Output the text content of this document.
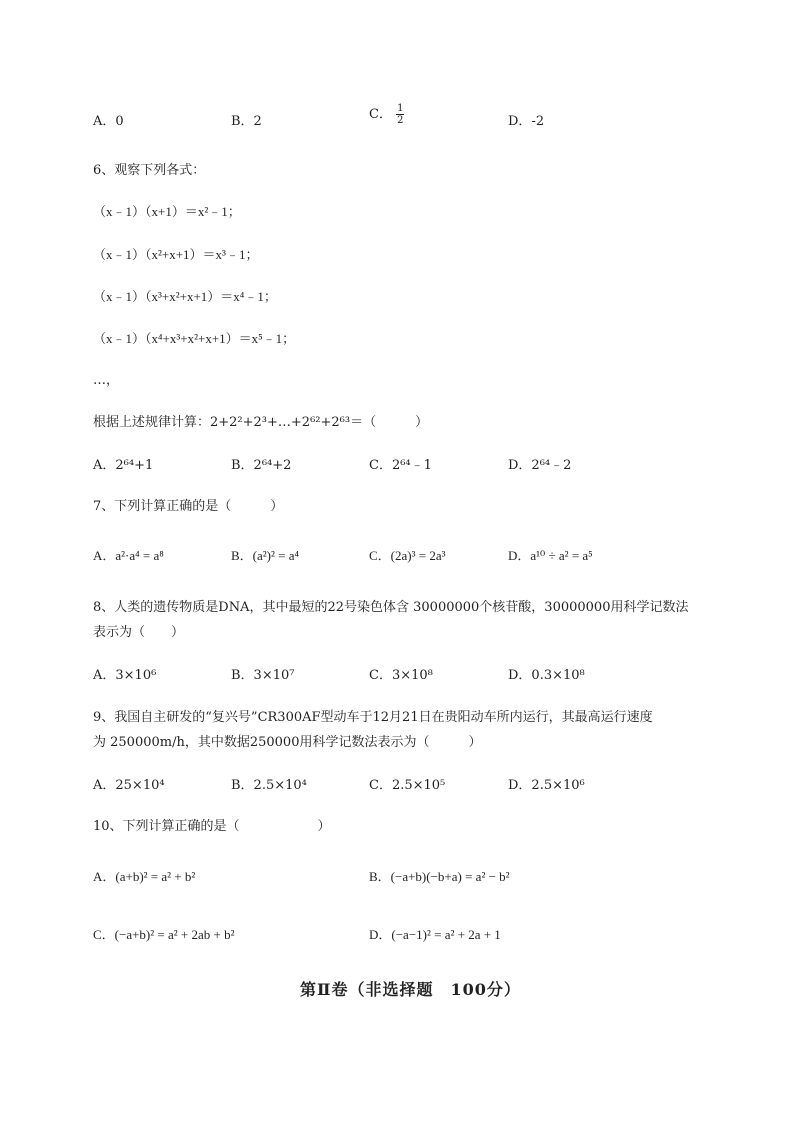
A．0	B．2	C． $\frac{1}{2}$	D．-2
6、观察下列各式：
（x﹣1）（x+1）＝x²﹣1；
（x﹣1）（x²+x+1）＝x³﹣1；
（x﹣1）（x³+x²+x+1）＝x⁴﹣1；
（x﹣1）（x⁴+x³+x²+x+1）＝x⁵﹣1；
…，
根据上述规律计算：2+2²+2³+…+2⁶²+2⁶³＝（　　　）
A．2⁶⁴+1	B．2⁶⁴+2	C．2⁶⁴﹣1	D．2⁶⁴﹣2
7、下列计算正确的是（　　　）
A．a²·a⁴ = a⁸	B．(a²)² = a⁴	C．(2a)³ = 2a³	D．a¹⁰ ÷ a² = a⁵
8、人类的遗传物质是DNA，其中最短的22号染色体含 30000000个核苷酸，30000000用科学记数法
表示为（　　）
A．3×10⁶	B．3×10⁷	C．3×10⁸	D．0.3×10⁸
9、我国自主研发的“复兴号”CR300AF型动车于12月21日在贵阳动车所内运行，其最高运行速度
为 250000m/h，其中数据250000用科学记数法表示为（　　　）
A．25×10⁴	B．2.5×10⁴	C．2.5×10⁵	D．2.5×10⁶
10、下列计算正确的是（　　　　　　）
A．(a+b)² = a² + b²	B．(−a+b)(−b+a) = a² − b²
C．(−a+b)² = a² + 2ab + b²	D．(−a−1)² = a² + 2a + 1
第Ⅱ卷（非选择题　100分）
